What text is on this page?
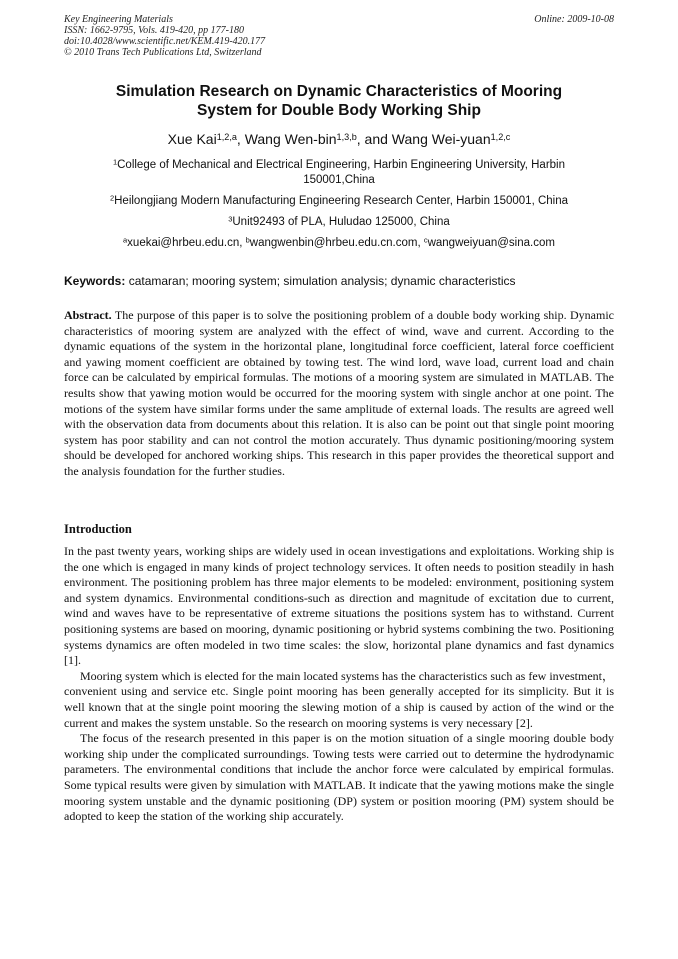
Key Engineering Materials
ISSN: 1662-9795, Vols. 419-420, pp 177-180
doi:10.4028/www.scientific.net/KEM.419-420.177
© 2010 Trans Tech Publications Ltd, Switzerland
Online: 2009-10-08
Simulation Research on Dynamic Characteristics of Mooring
System for Double Body Working Ship
Xue Kai$^{1,2,a}$, Wang Wen-bin$^{1,3,b}$, and Wang Wei-yuan$^{1,2,c}$
$^1$College of Mechanical and Electrical Engineering, Harbin Engineering University, Harbin
150001,China
$^2$Heilongjiang Modern Manufacturing Engineering Research Center, Harbin 150001, China
$^3$Unit92493 of PLA, Huludao 125000, China
$^a$xuekai@hrbeu.edu.cn, $^b$wangwenbin@hrbeu.edu.cn.com, $^c$wangweiyuan@sina.com
Keywords: catamaran; mooring system; simulation analysis; dynamic characteristics

Abstract. The purpose of this paper is to solve the positioning problem of a double body working ship. Dynamic characteristics of mooring system are analyzed with the effect of wind, wave and current. According to the dynamic equations of the system in the horizontal plane, longitudinal force coefficient, lateral force coefficient and yawing moment coefficient are obtained by towing test. The wind lord, wave load, current load and chain force can be calculated by empirical formulas. The motions of a mooring system are simulated in MATLAB. The results show that yawing motion would be occurred for the mooring system with single anchor at one point. The motions of the system have similar forms under the same amplitude of external loads. The results are agreed well with the observation data from documents about this relation. It is also can be point out that single point mooring system has poor stability and can not control the motion accurately. Thus dynamic positioning/mooring system should be developed for anchored working ships. This research in this paper provides the theoretical support and the analysis foundation for the further studies.

Introduction

In the past twenty years, working ships are widely used in ocean investigations and exploitations. Working ship is the one which is engaged in many kinds of project technology services. It often needs to position steadily in hash environment. The positioning problem has three major elements to be modeled: environment, positioning system and system dynamics. Environmental conditions-such as direction and magnitude of excitation due to current, wind and waves have to be representative of extreme situations the positions system has to withstand. Current positioning systems are based on mooring, dynamic positioning or hybrid systems combining the two. Positioning systems dynamics are often modeled in two time scales: the slow, horizontal plane dynamics and fast dynamics [1].

Mooring system which is elected for the main located systems has the characteristics such as few investment，convenient using and service etc. Single point mooring has been generally accepted for its simplicity. But it is well known that at the single point mooring the slewing motion of a ship is caused by action of the wind or the current and makes the system unstable. So the research on mooring systems is very necessary [2].

The focus of the research presented in this paper is on the motion situation of a single mooring double body working ship under the complicated surroundings. Towing tests were carried out to determine the hydrodynamic parameters. The environmental conditions that include the anchor force were calculated by empirical formulas. Some typical results were given by simulation with MATLAB. It indicate that the yawing motions make the single mooring system unstable and the dynamic positioning (DP) system or position mooring (PM) system should be adopted to keep the station of the working ship accurately.
